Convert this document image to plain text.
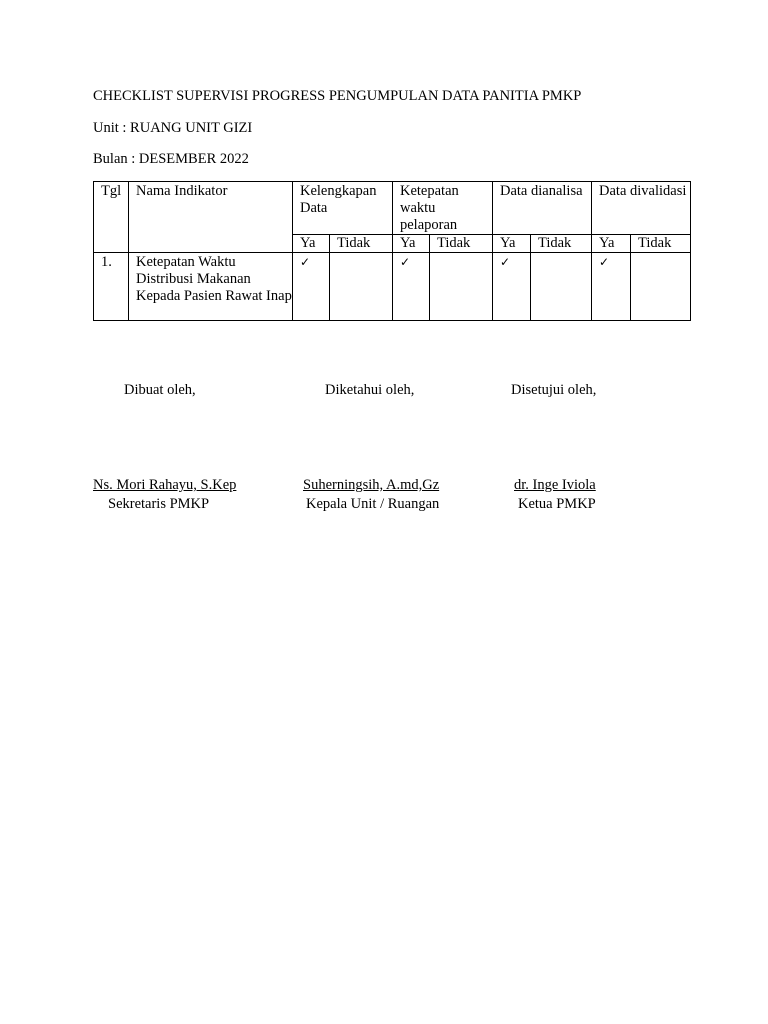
CHECKLIST SUPERVISI PROGRESS PENGUMPULAN DATA PANITIA PMKP
Unit : RUANG UNIT GIZI
Bulan : DESEMBER 2022
Tgl	Nama Indikator	Kelengkapan Data		Ketepatan waktu pelaporan		Data dianalisa		Data divalidasi	
		Ya	Tidak	Ya	Tidak	Ya	Tidak	Ya	Tidak
1.	Ketepatan Waktu Distribusi Makanan Kepada Pasien Rawat Inap	✓		✓		✓		✓	
Dibuat oleh,	Diketahui oleh,	Disetujui oleh,
Ns. Mori Rahayu, S.Kep
Sekretaris PMKP
Suherningsih, A.md,Gz
Kepala Unit / Ruangan
dr. Inge Iviola
Ketua PMKP
